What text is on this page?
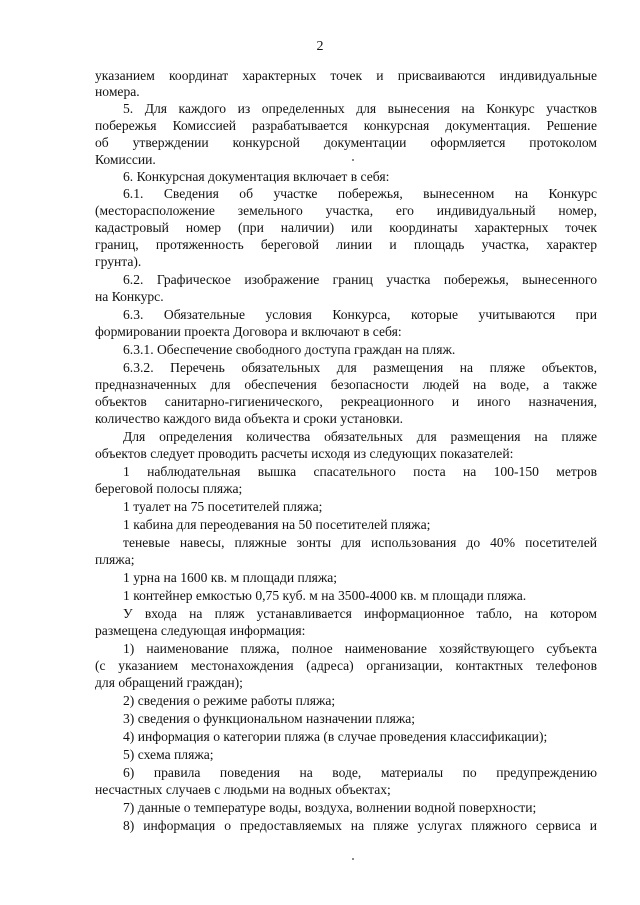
2
указанием координат характерных точек и присваиваются индивидуальные
номера.
5. Для каждого из определенных для вынесения на Конкурс участков
побережья Комиссией разрабатывается конкурсная документация. Решение
об утверждении конкурсной документации оформляется протоколом
Комиссии.
6. Конкурсная документация включает в себя:
6.1. Сведения об участке побережья, вынесенном на Конкурс
(месторасположение земельного участка, его индивидуальный номер,
кадастровый номер (при наличии) или координаты характерных точек
границ, протяженность береговой линии и площадь участка, характер
грунта).
6.2. Графическое изображение границ участка побережья, вынесенного
на Конкурс.
6.3. Обязательные условия Конкурса, которые учитываются при
формировании проекта Договора и включают в себя:
6.3.1. Обеспечение свободного доступа граждан на пляж.
6.3.2. Перечень обязательных для размещения на пляже объектов,
предназначенных для обеспечения безопасности людей на воде, а также
объектов санитарно-гигиенического, рекреационного и иного назначения,
количество каждого вида объекта и сроки установки.
Для определения количества обязательных для размещения на пляже
объектов следует проводить расчеты исходя из следующих показателей:
1 наблюдательная вышка спасательного поста на 100-150 метров
береговой полосы пляжа;
1 туалет на 75 посетителей пляжа;
1 кабина для переодевания на 50 посетителей пляжа;
теневые навесы, пляжные зонты для использования до 40% посетителей
пляжа;
1 урна на 1600 кв. м площади пляжа;
1 контейнер емкостью 0,75 куб. м на 3500-4000 кв. м площади пляжа.
У входа на пляж устанавливается информационное табло, на котором
размещена следующая информация:
1) наименование пляжа, полное наименование хозяйствующего субъекта
(с указанием местонахождения (адреса) организации, контактных телефонов
для обращений граждан);
2) сведения о режиме работы пляжа;
3) сведения о функциональном назначении пляжа;
4) информация о категории пляжа (в случае проведения классификации);
5) схема пляжа;
6) правила поведения на воде, материалы по предупреждению
несчастных случаев с людьми на водных объектах;
7) данные о температуре воды, воздуха, волнении водной поверхности;
8) информация о предоставляемых на пляже услугах пляжного сервиса и
